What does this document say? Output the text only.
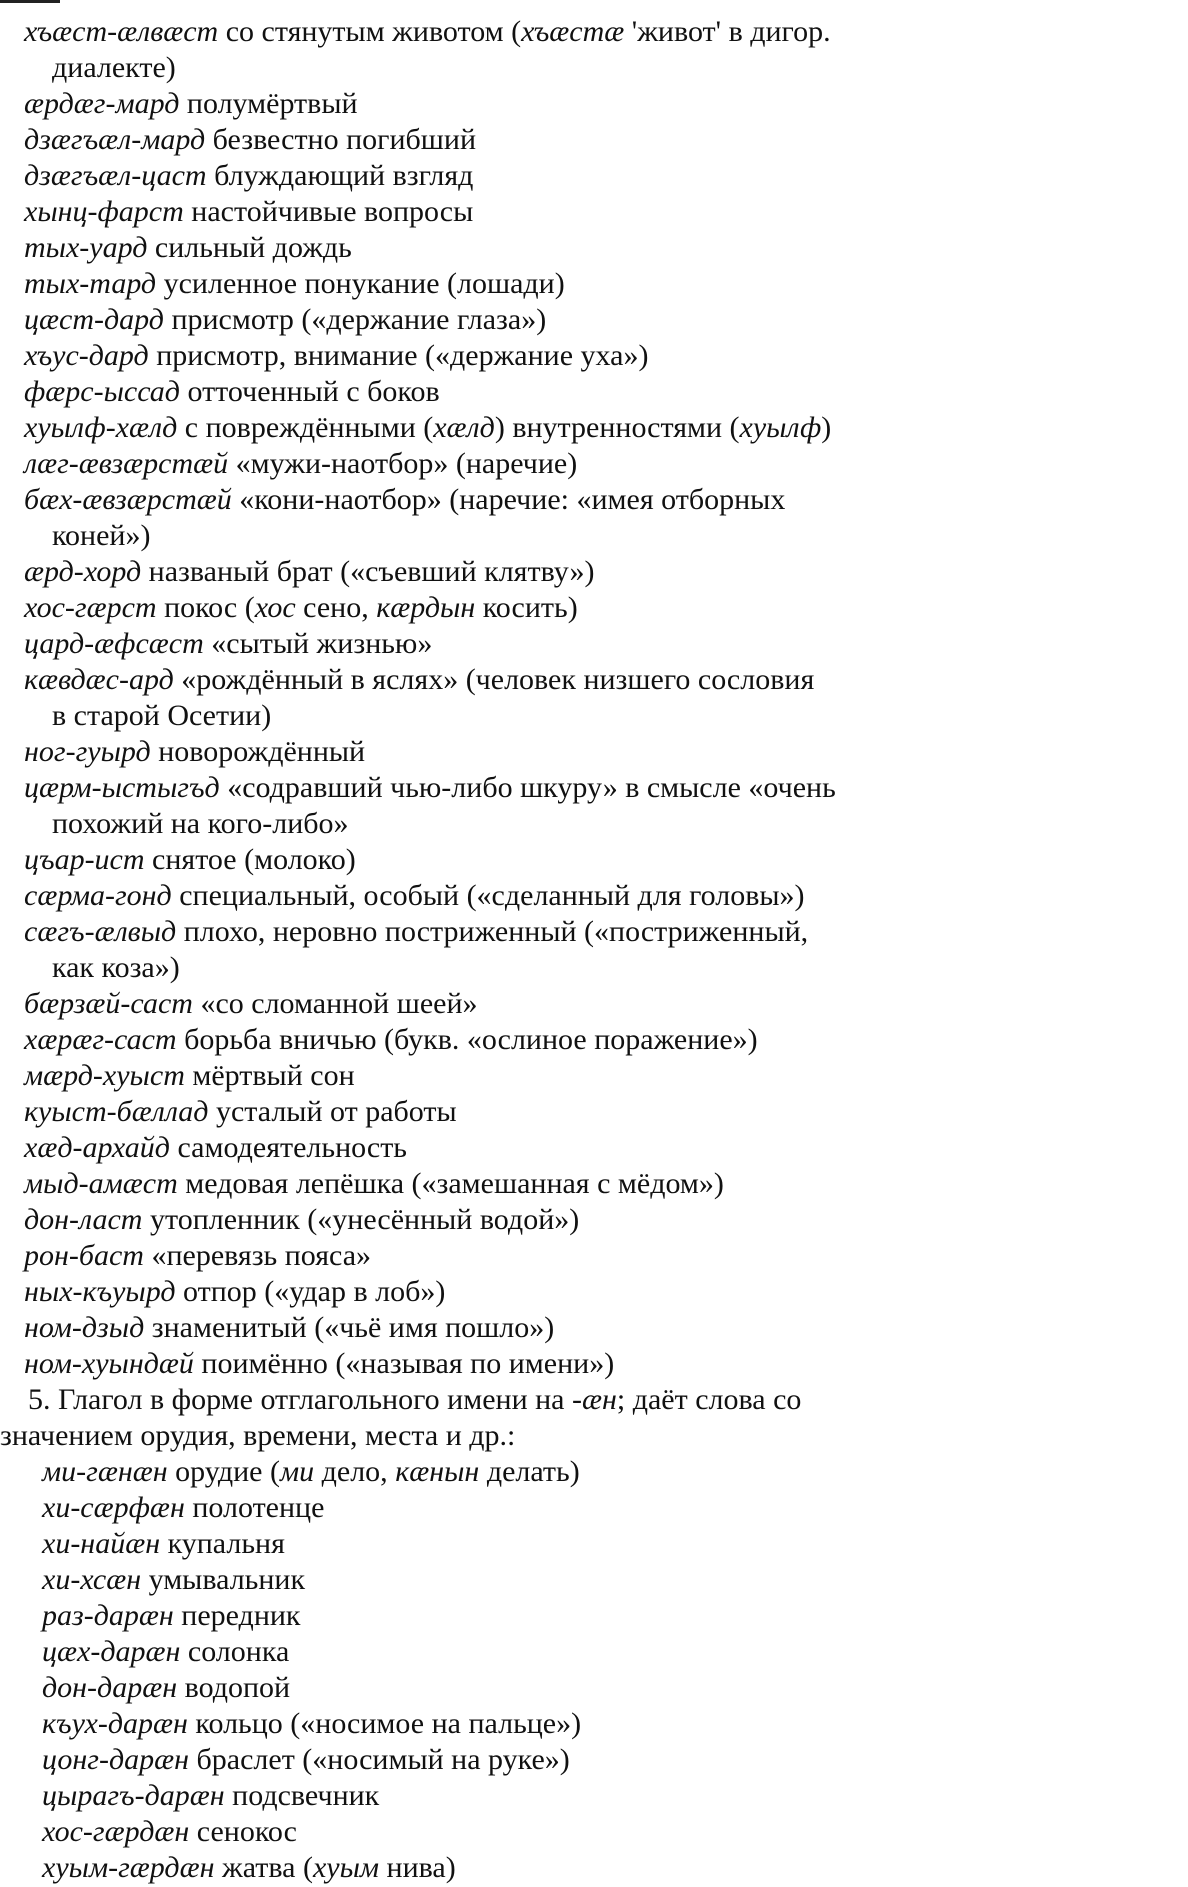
хъæст-æлвæст со стянутым животом (хъæстæ 'живот' в дигор.
диалекте)
æрдæг-мард полумёртвый
дзæгъæл-мард безвестно погибший
дзæгъæл-цаст блуждающий взгляд
хынц-фарст настойчивые вопросы
тых-уард сильный дождь
тых-тард усиленное понукание (лошади)
цæст-дард присмотр («держание глаза»)
хъус-дард присмотр, внимание («держание уха»)
фæрс-ыссад отточенный с боков
хуылф-хæлд с повреждёнными (хæлд) внутренностями (хуылф)
лæг-æвзæрстæй «мужи-наотбор» (наречие)
бæх-æвзæрстæй «кони-наотбор» (наречие: «имея отборных
коней»)
æрд-хорд названый брат («съевший клятву»)
хос-гæрст покос (хос сено, кæрдын косить)
цард-æфсæст «сытый жизнью»
кæвдæс-ард «рождённый в яслях» (человек низшего сословия
в старой Осетии)
ног-гуырд новорождённый
цæрм-ыстыгъд «содравший чью-либо шкуру» в смысле «очень
похожий на кого-либо»
цъар-ист снятое (молоко)
сæрма-гонд специальный, особый («сделанный для головы»)
сæгъ-æлвыд плохо, неровно постриженный («постриженный,
как коза»)
бæрзæй-саст «со сломанной шеей»
хæрæг-саст борьба вничью (букв. «ослиное поражение»)
мæрд-хуыст мёртвый сон
куыст-бæллад усталый от работы
хæд-архайд самодеятельность
мыд-амæст медовая лепёшка («замешанная с мёдом»)
дон-ласт утопленник («унесённый водой»)
рон-баст «перевязь пояса»
ных-къуырд отпор («удар в лоб»)
ном-дзыд знаменитый («чьё имя пошло»)
ном-хуындæй поимённо («называя по имени»)
5. Глагол в форме отглагольного имени на -æн; даёт слова со
значением орудия, времени, места и др.:
ми-гæнæн орудие (ми дело, кæнын делать)
хи-сæрфæн полотенце
хи-найæн купальня
хи-хсæн умывальник
раз-дарæн передник
цæх-дарæн солонка
дон-дарæн водопой
къух-дарæн кольцо («носимое на пальце»)
цонг-дарæн браслет («носимый на руке»)
цырагъ-дарæн подсвечник
хос-гæрдæн сенокос
хуым-гæрдæн жатва (хуым нива)
